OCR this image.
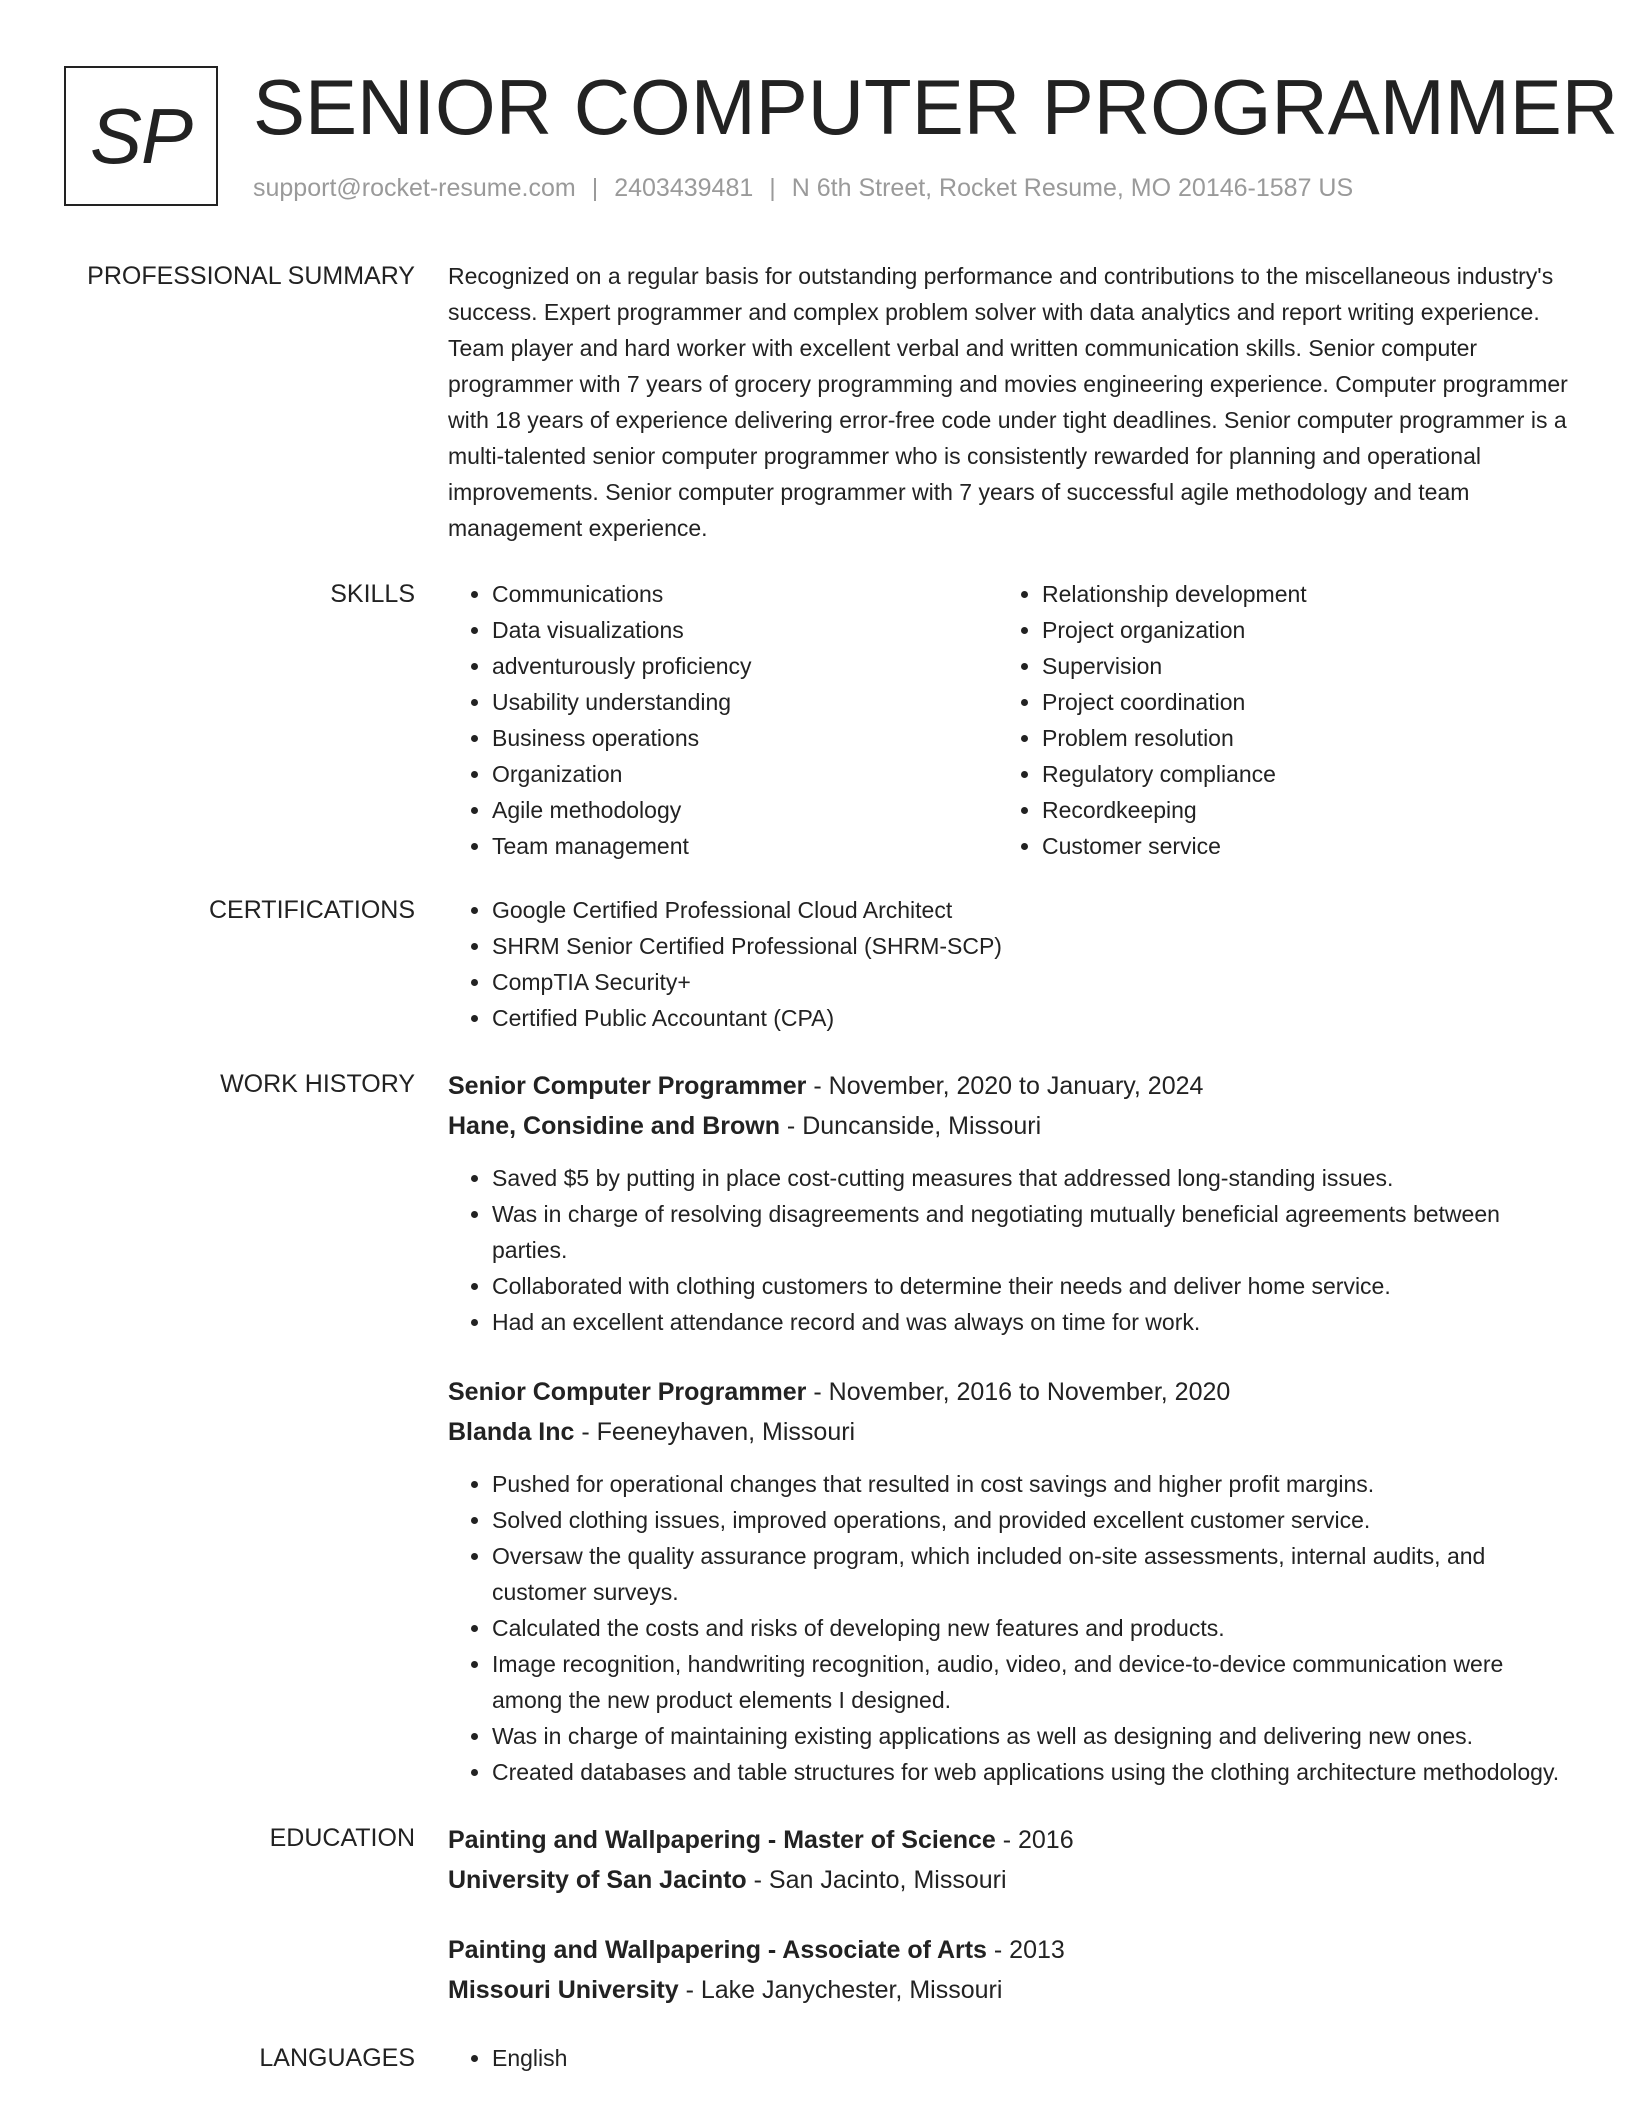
SP SENIOR COMPUTER PROGRAMMER
support@rocket-resume.com | 2403439481 | N 6th Street, Rocket Resume, MO 20146-1587 US
PROFESSIONAL SUMMARY Recognized on a regular basis for outstanding performance and contributions to the miscellaneous industry's success. Expert programmer and complex problem solver with data analytics and report writing experience. Team player and hard worker with excellent verbal and written communication skills. Senior computer programmer with 7 years of grocery programming and movies engineering experience. Computer programmer with 18 years of experience delivering error-free code under tight deadlines. Senior computer programmer is a multi-talented senior computer programmer who is consistently rewarded for planning and operational improvements. Senior computer programmer with 7 years of successful agile methodology and team management experience.

SKILLS	• Communications
• Data visualizations
• adventurously proficiency
• Usability understanding
• Business operations
• Organization
• Agile methodology
• Team management
• Relationship development
• Project organization
• Supervision
• Project coordination
• Problem resolution
• Regulatory compliance
• Recordkeeping
• Customer service
CERTIFICATIONS	• Google Certified Professional Cloud Architect
• SHRM Senior Certified Professional (SHRM-SCP)
• CompTIA Security+
• Certified Public Accountant (CPA)
WORK HISTORY Senior Computer Programmer - November, 2020 to January, 2024
Hane, Considine and Brown - Duncanside, Missouri
• Saved $5 by putting in place cost-cutting measures that addressed long-standing issues.
• Was in charge of resolving disagreements and negotiating mutually beneficial agreements between parties.
• Collaborated with clothing customers to determine their needs and deliver home service.
• Had an excellent attendance record and was always on time for work.
Senior Computer Programmer - November, 2016 to November, 2020
Blanda Inc - Feeneyhaven, Missouri
• Pushed for operational changes that resulted in cost savings and higher profit margins.
• Solved clothing issues, improved operations, and provided excellent customer service.
• Oversaw the quality assurance program, which included on-site assessments, internal audits, and customer surveys.
• Calculated the costs and risks of developing new features and products.
• Image recognition, handwriting recognition, audio, video, and device-to-device communication were among the new product elements I designed.
• Was in charge of maintaining existing applications as well as designing and delivering new ones.
• Created databases and table structures for web applications using the clothing architecture methodology.
EDUCATION Painting and Wallpapering - Master of Science - 2016
University of San Jacinto - San Jacinto, Missouri
Painting and Wallpapering - Associate of Arts - 2013
Missouri University - Lake Janychester, Missouri
LANGUAGES	• English
